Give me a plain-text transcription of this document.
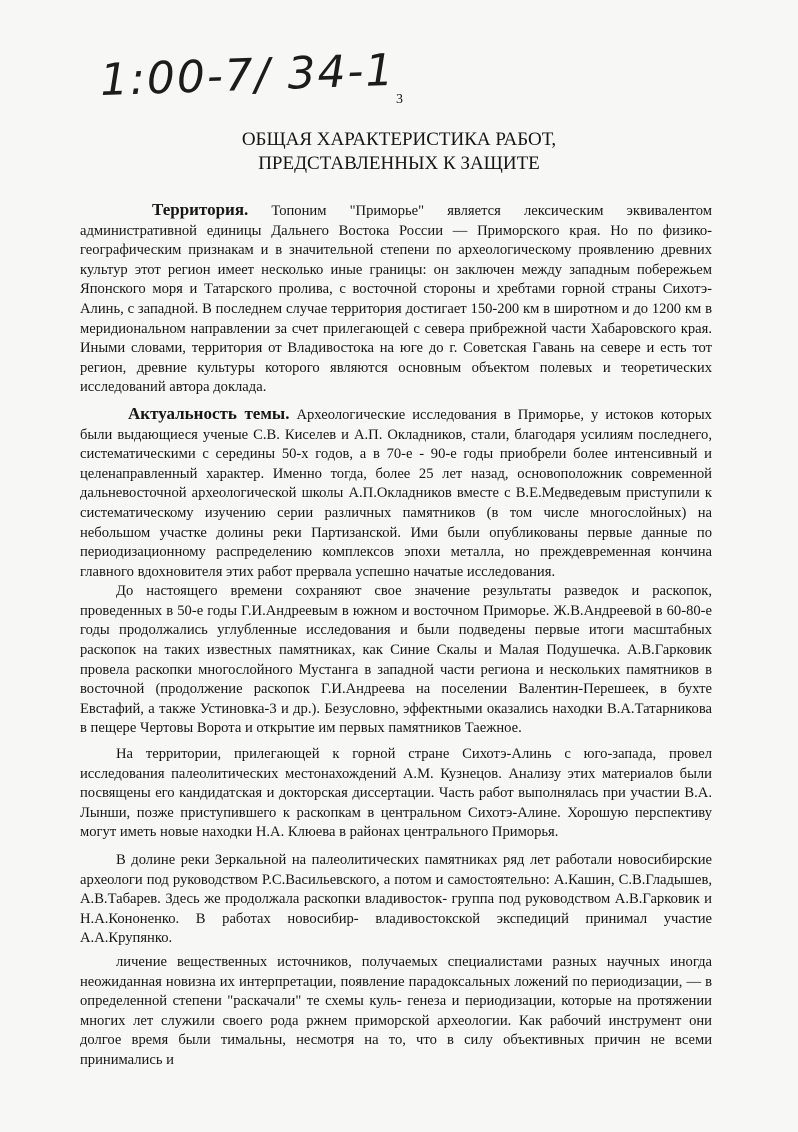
1:00-7/ 34-1 3
ОБЩАЯ ХАРАКТЕРИСТИКА РАБОТ,
ПРЕДСТАВЛЕННЫХ К ЗАЩИТЕ

Территория. Топоним "Приморье" является лексическим эквивалентом административной единицы Дальнего Востока России — Приморского края. Но по физико-географическим признакам и в значительной степени по археологическому проявлению древних культур этот регион имеет несколько иные границы: он заключен между западным побережьем Японского моря и Татарского пролива, с восточной стороны и хребтами горной страны Сихотэ-Алинь, с западной. В последнем случае территория достигает 150-200 км в широтном и до 1200 км в меридиональном направлении за счет прилегающей с севера прибрежной части Хабаровского края. Иными словами, территория от Владивостока на юге до г. Советская Гавань на севере и есть тот регион, древние культуры которого являются основным объектом полевых и теоретических исследований автора доклада.

Актуальность темы. Археологические исследования в Приморье, у истоков которых были выдающиеся ученые С.В. Киселев и А.П. Окладников, стали, благодаря усилиям последнего, систематическими с середины 50-х годов, а в 70-е - 90-е годы приобрели более интенсивный и целенаправленный характер. Именно тогда, более 25 лет назад, основоположник современной дальневосточной археологической школы А.П.Окладников вместе с В.Е.Медведевым приступили к систематическому изучению серии различных памятников (в том числе многослойных) на небольшом участке долины реки Партизанской. Ими были опубликованы первые данные по периодизационному распределению комплексов эпохи металла, но преждевременная кончина главного вдохновителя этих работ прервала успешно начатые исследования.

До настоящего времени сохраняют свое значение результаты разведок и раскопок, проведенных в 50-е годы Г.И.Андреевым в южном и восточном Приморье. Ж.В.Андреевой в 60-80-е годы продолжались углубленные исследования и были подведены первые итоги масштабных раскопок на таких известных памятниках, как Синие Скалы и Малая Подушечка. А.В.Гарковик провела раскопки многослойного Мустанга в западной части региона и нескольких памятников в восточной (продолжение раскопок Г.И.Андреева на поселении Валентин-Перешеек, в бухте Евстафий, а также Устиновка-3 и др.). Безусловно, эффектными оказались находки В.А.Татарникова в пещере Чертовы Ворота и открытие им первых памятников Таежное.

На территории, прилегающей к горной стране Сихотэ-Алинь с юго-запада, провел исследования палеолитических местонахождений А.М. Кузнецов. Анализу этих материалов были посвящены его кандидатская и докторская диссертации. Часть работ выполнялась при участии В.А. Лынши, позже приступившего к раскопкам в центральном Сихотэ-Алине. Хорошую перспективу могут иметь новые находки Н.А. Клюева в районах центрального Приморья.

В долине реки Зеркальной на палеолитических памятниках ряд лет работали новосибирские археологи под руководством Р.С.Васильевского, а потом и самостоятельно: А.Кашин, С.В.Гладышев, А.В.Табарев. Здесь же продолжала раскопки владивосток- группа под руководством А.В.Гарковик и Н.А.Кононенко. В работах новосибир- владивостокской экспедиций принимал участие А.А.Крупянко.

личение вещественных источников, получаемых специалистами разных научных иногда неожиданная новизна их интерпретации, появление парадоксальных ложений по периодизации, — в определенной степени "раскачали" те схемы куль- генеза и периодизации, которые на протяжении многих лет служили своего рода ржнем приморской археологии. Как рабочий инструмент они долгое время были тимальны, несмотря на то, что в силу объективных причин не всеми принимались и
